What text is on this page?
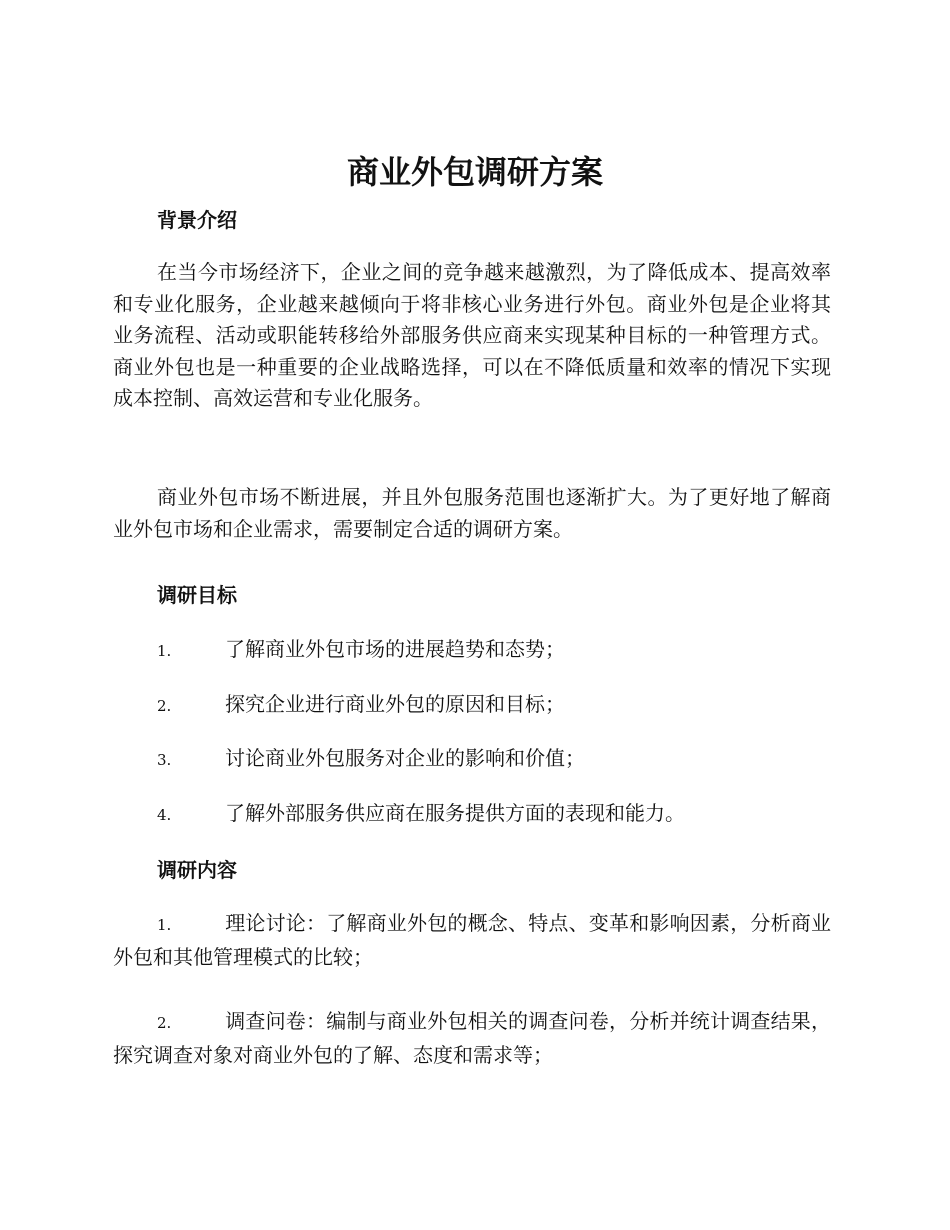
商业外包调研方案
背景介绍

在当今市场经济下，企业之间的竞争越来越激烈，为了降低成本、提高效率和专业化服务，企业越来越倾向于将非核心业务进行外包。商业外包是企业将其业务流程、活动或职能转移给外部服务供应商来实现某种目标的一种管理方式。商业外包也是一种重要的企业战略选择，可以在不降低质量和效率的情况下实现成本控制、高效运营和专业化服务。

商业外包市场不断进展，并且外包服务范围也逐渐扩大。为了更好地了解商业外包市场和企业需求，需要制定合适的调研方案。

调研目标

1.	了解商业外包市场的进展趋势和态势；

2.	探究企业进行商业外包的原因和目标；

3.	讨论商业外包服务对企业的影响和价值；

4.	了解外部服务供应商在服务提供方面的表现和能力。

调研内容

1.	理论讨论：了解商业外包的概念、特点、变革和影响因素，分析商业外包和其他管理模式的比较；

2.	调查问卷：编制与商业外包相关的调查问卷，分析并统计调查结果，探究调查对象对商业外包的了解、态度和需求等；
